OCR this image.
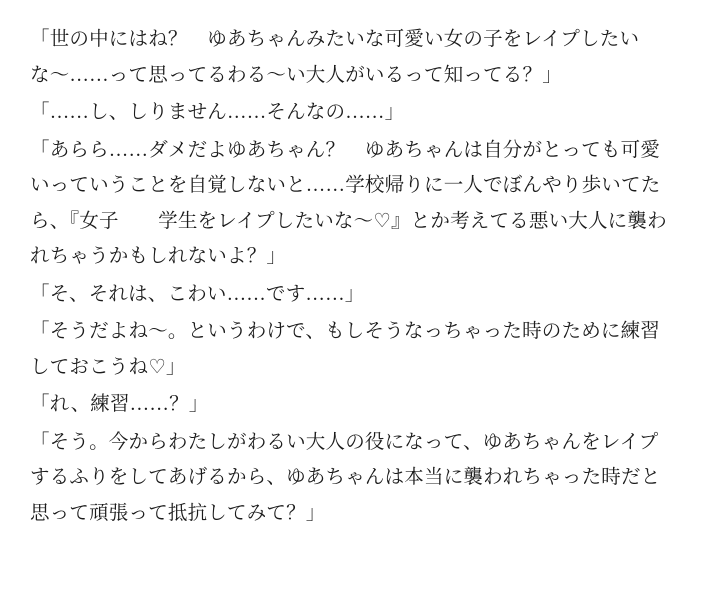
「世の中にはね？　ゆあちゃんみたいな可愛い女の子をレイプしたいな〜……って思ってるわる〜い大人がいるって知ってる？」

「……し、しりません……そんなの……」

「あらら……ダメだよゆあちゃん？　ゆあちゃんは自分がとっても可愛いっていうことを自覚しないと……学校帰りに一人でぼんやり歩いてたら、『女子　　学生をレイプしたいな〜♡』とか考えてる悪い大人に襲われちゃうかもしれないよ？」

「そ、それは、こわい……です……」

「そうだよね〜。というわけで、もしそうなっちゃった時のために練習しておこうね♡」

「れ、練習……？」

「そう。今からわたしがわるい大人の役になって、ゆあちゃんをレイプするふりをしてあげるから、ゆあちゃんは本当に襲われちゃった時だと思って頑張って抵抗してみて？」
